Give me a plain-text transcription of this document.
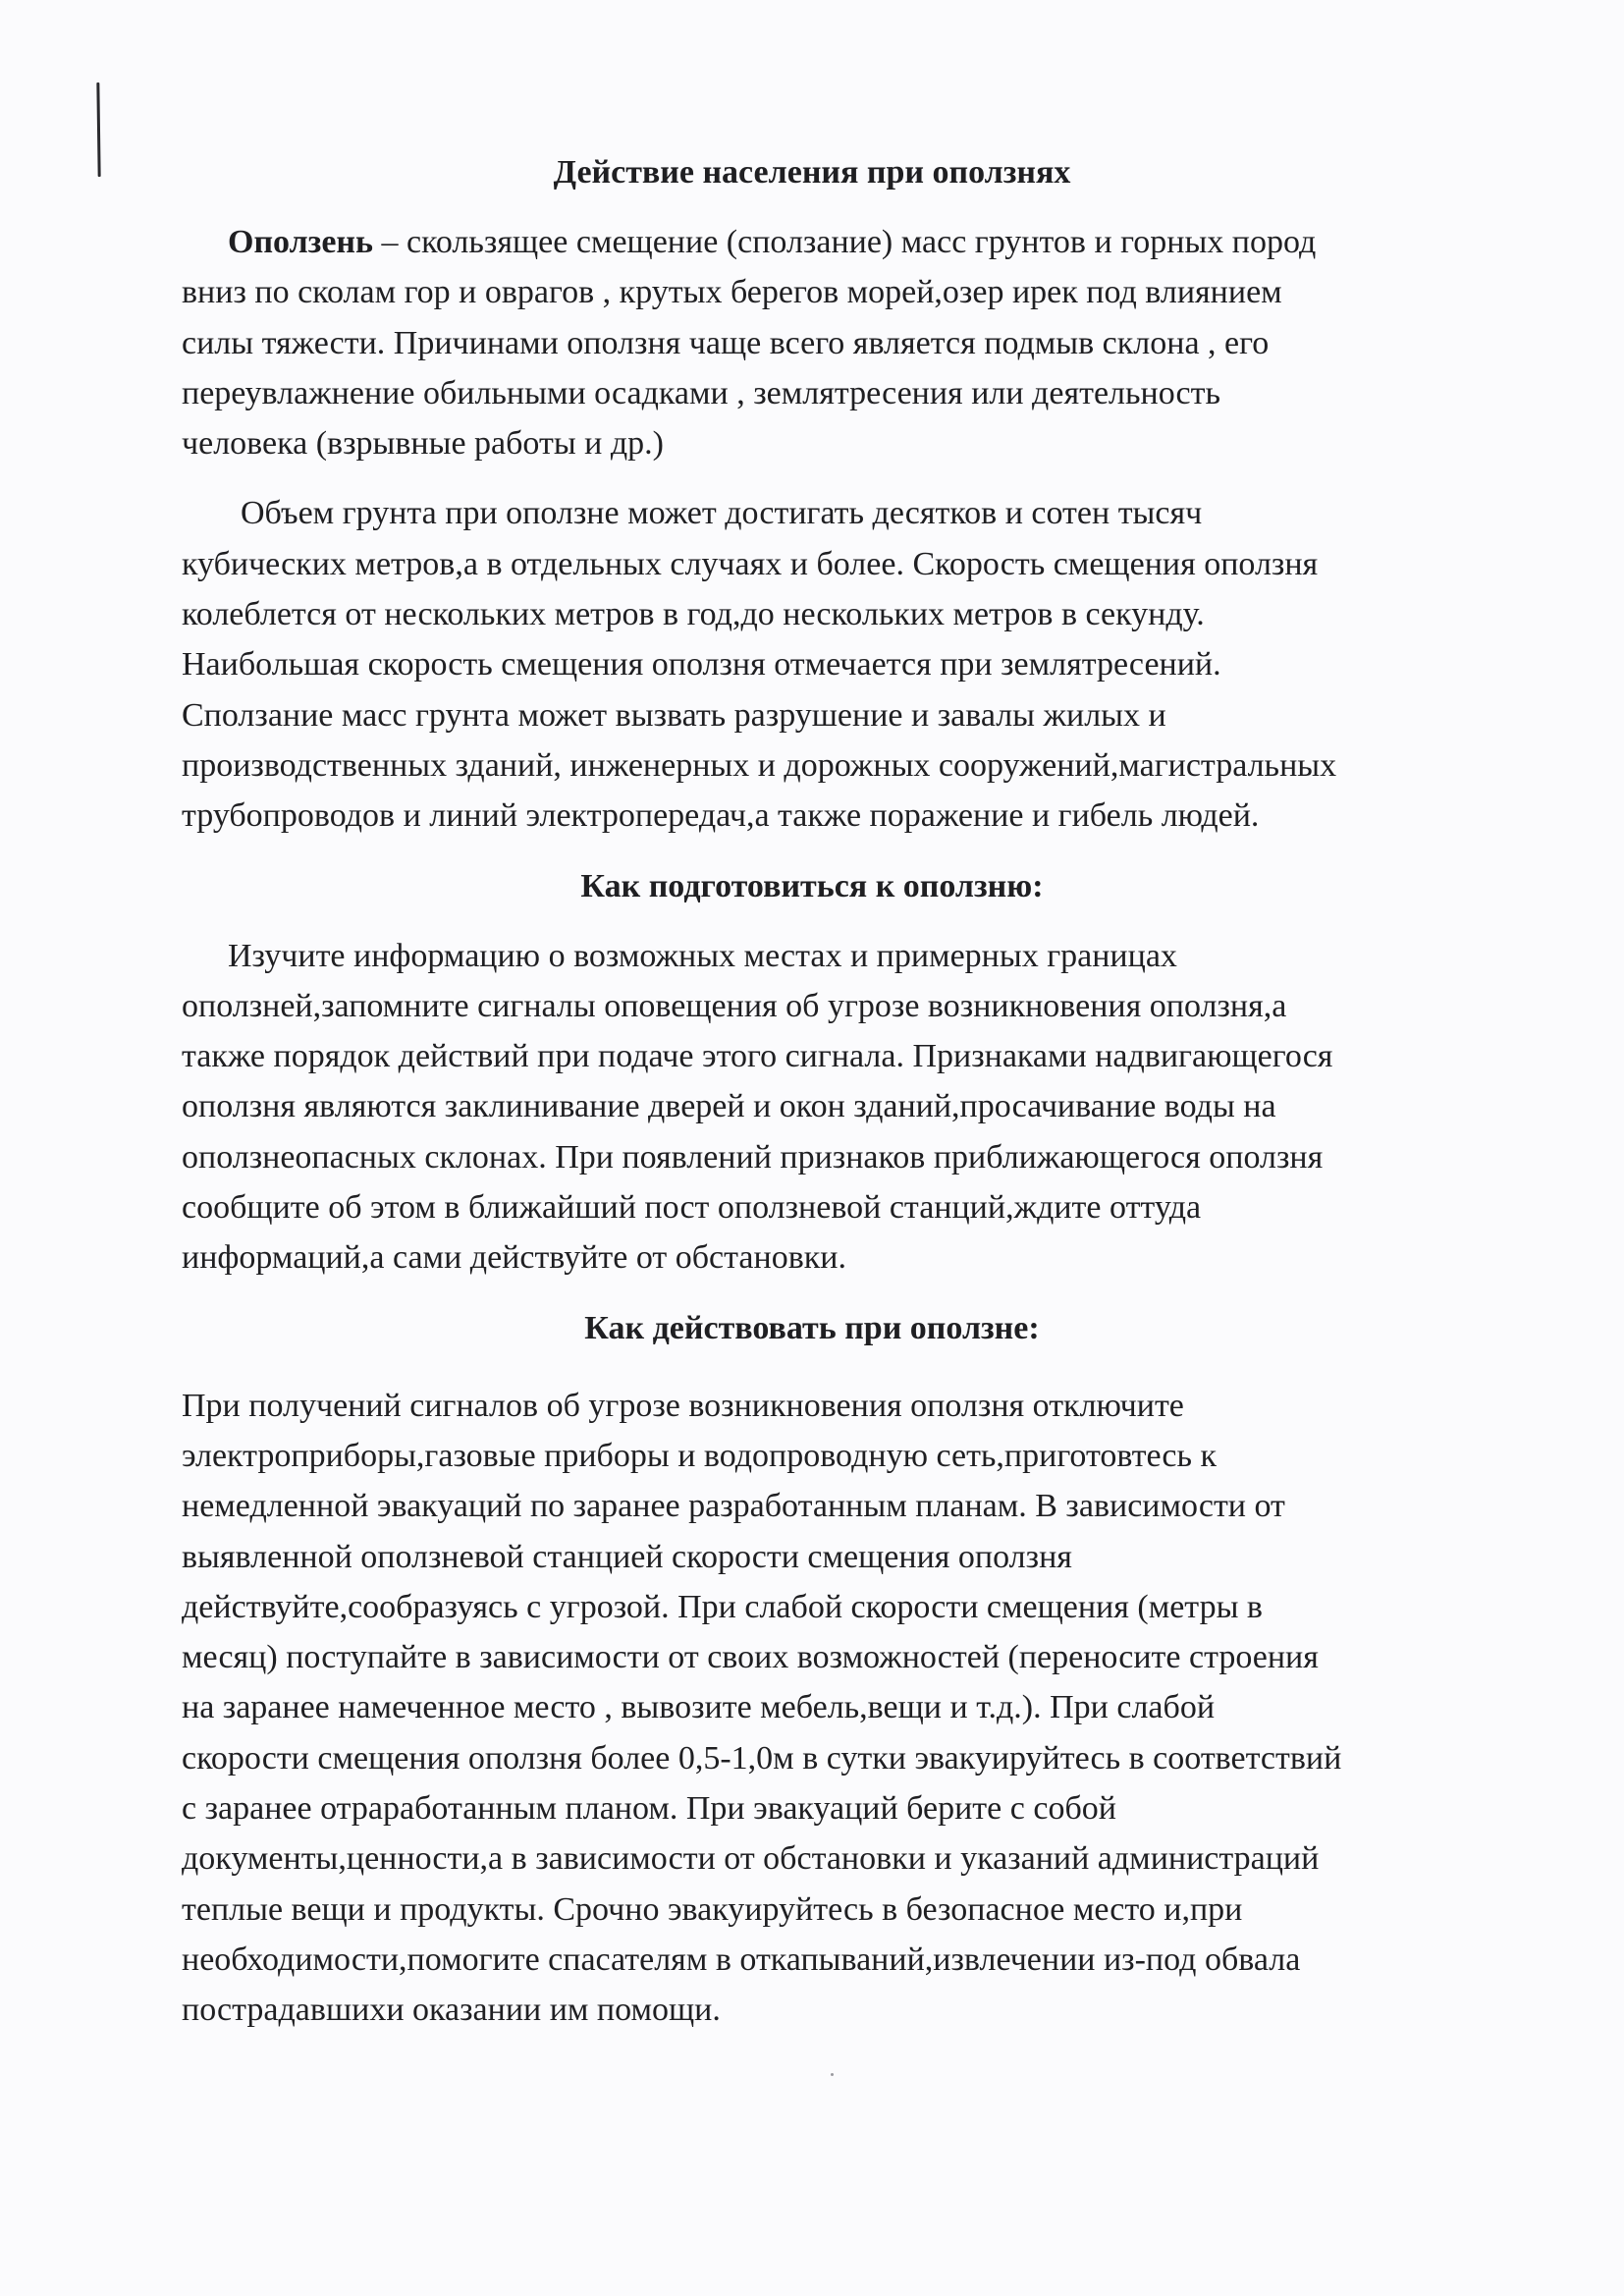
Действие населения при оползнях
Оползень – скользящее смещение (сползание) масс грунтов и горных пород
вниз по сколам гор и оврагов , крутых берегов морей,озер ирек под влиянием
силы тяжести. Причинами оползня чаще всего является подмыв склона , его
переувлажнение обильными осадками , землятресения или деятельность
человека (взрывные работы и др.)
Объем грунта при оползне может достигать десятков и сотен тысяч
кубических метров,а в отдельных случаях и более. Скорость смещения оползня
колеблется от нескольких метров в год,до нескольких метров в секунду.
Наибольшая скорость смещения оползня отмечается при землятресений.
Сползание масс грунта может вызвать разрушение и завалы жилых и
производственных зданий, инженерных и дорожных сооружений,магистральных
трубопроводов и линий электропередач,а также поражение и гибель людей.
Как подготовиться к оползню:
Изучите информацию о возможных местах и примерных границах
оползней,запомните сигналы оповещения об угрозе возникновения оползня,а
также порядок действий при подаче этого сигнала. Признаками надвигающегося
оползня являются заклинивание дверей и окон зданий,просачивание воды на
оползнеопасных склонах. При появлений признаков приближающегося оползня
сообщите об этом в ближайший пост оползневой станций,ждите оттуда
информаций,а сами действуйте от обстановки.
Как действовать при оползне:
При получений сигналов об угрозе возникновения оползня отключите
электроприборы,газовые приборы и водопроводную сеть,приготовтесь к
немедленной эвакуаций по заранее разработанным планам. В зависимости от
выявленной оползневой станцией скорости смещения оползня
действуйте,сообразуясь с угрозой. При слабой скорости смещения (метры в
месяц) поступайте в зависимости от своих возможностей (переносите строения
на заранее намеченное место , вывозите мебель,вещи и т.д.). При слабой
скорости смещения оползня более 0,5-1,0м в сутки эвакуируйтесь в соответствий
с заранее отраработанным планом. При эвакуаций берите с собой
документы,ценности,а в зависимости от обстановки и указаний администраций
теплые вещи и продукты. Срочно эвакуируйтесь в безопасное место и,при
необходимости,помогите спасателям в откапываний,извлечении из-под обвала
пострадавшихи оказании им помощи.
